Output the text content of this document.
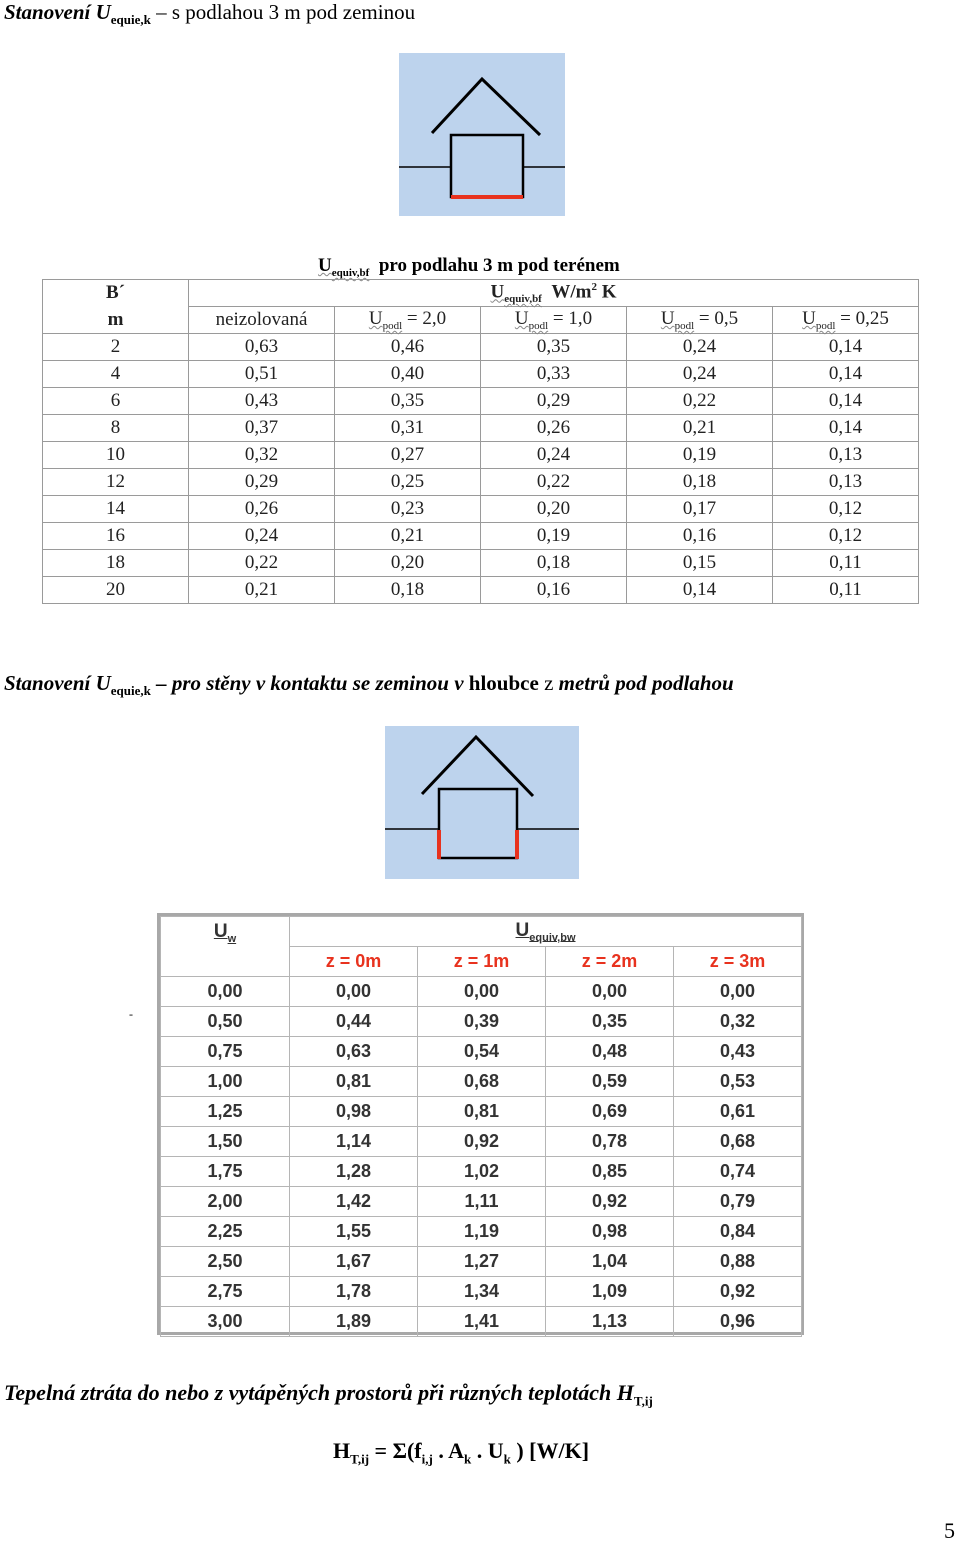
Stanovení $U_{equie,k}$ – s podlahou 3 m pod zeminou
$U_{equiv,bf}$ pro podlahu 3 m pod terénem
B´	$U_{equiv,bf}$ $W/m^2$ K				
m	neizolovaná	$U_{podl} = 2,0$	$U_{podl} = 1,0$	$U_{podl} = 0,5$	$U_{podl} = 0,25$
2	0,63	0,46	0,35	0,24	0,14
4	0,51	0,40	0,33	0,24	0,14
6	0,43	0,35	0,29	0,22	0,14
8	0,37	0,31	0,26	0,21	0,14
10	0,32	0,27	0,24	0,19	0,13
12	0,29	0,25	0,22	0,18	0,13
14	0,26	0,23	0,20	0,17	0,12
16	0,24	0,21	0,19	0,16	0,12
18	0,22	0,20	0,18	0,15	0,11
20	0,21	0,18	0,16	0,14	0,11
Stanovení $U_{equie,k}$ – pro stěny v kontaktu se zeminou v hloubce z metrů pod podlahou
-
$U_w$	$U_{equiv,bw}$
	z = 0m	z = 1m	z = 2m	z = 3m
0,00	0,00	0,00	0,00	0,00
0,50	0,44	0,39	0,35	0,32
0,75	0,63	0,54	0,48	0,43
1,00	0,81	0,68	0,59	0,53
1,25	0,98	0,81	0,69	0,61
1,50	1,14	0,92	0,78	0,68
1,75	1,28	1,02	0,85	0,74
2,00	1,42	1,11	0,92	0,79
2,25	1,55	1,19	0,98	0,84
2,50	1,67	1,27	1,04	0,88
2,75	1,78	1,34	1,09	0,92
3,00	1,89	1,41	1,13	0,96
Tepelná ztráta do nebo z vytápěných prostorů při různých teplotách $H_{T,ij}$
$H_{T,ij} = \Sigma(f_{i,j}$ . $A_k$ . $U_k$ ) [W/K]
5
